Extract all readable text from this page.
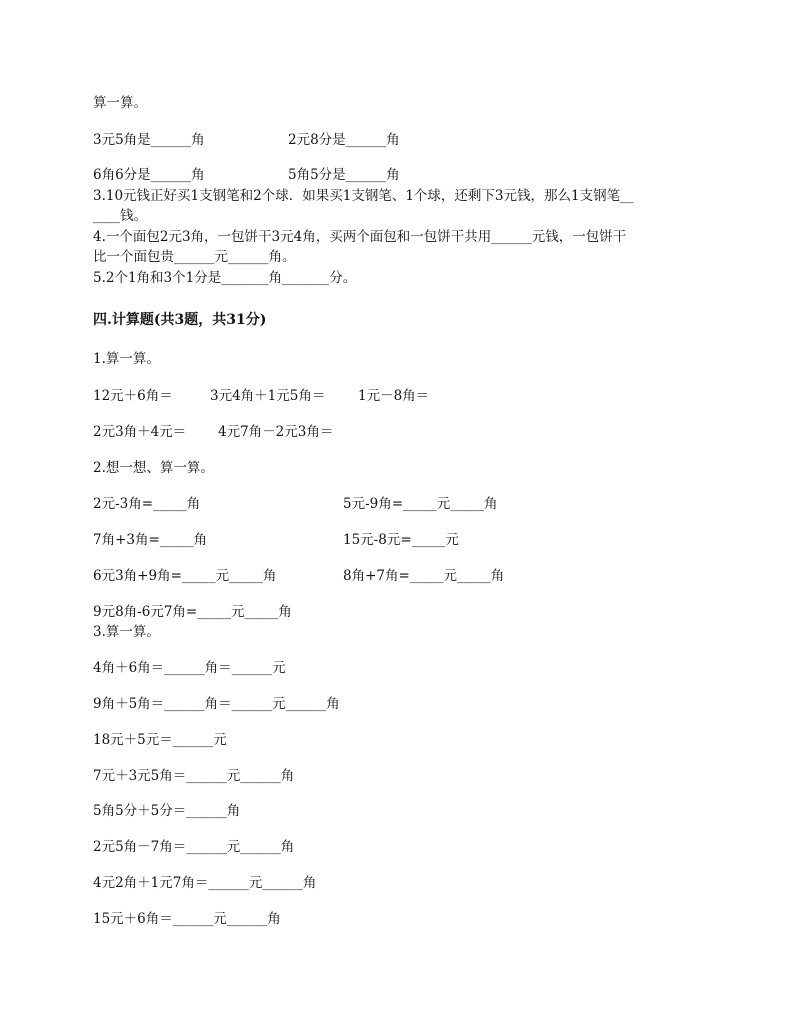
算一算。
3元5角是______角	2元8分是______角
6角6分是______角	5角5分是______角
3.10元钱正好买1支钢笔和2个球．如果买1支钢笔、1个球，还剩下3元钱，那么1支钢笔__
____钱。
4.一个面包2元3角，一包饼干3元4角，买两个面包和一包饼干共用______元钱，一包饼干
比一个面包贵______元______角。
5.2个1角和3个1分是_______角_______分。
四.计算题(共3题，共31分)
1.算一算。
12元＋6角＝	3元4角＋1元5角＝ 1元－8角＝
2元3角＋4元＝ 4元7角－2元3角＝
2.想一想、算一算。
2元-3角=_____角	5元-9角=_____元_____角
7角+3角=_____角	15元-8元=_____元
6元3角+9角=_____元_____角	8角+7角=_____元_____角
9元8角-6元7角=_____元_____角
3.算一算。
4角＋6角＝______角＝______元
9角＋5角＝______角＝______元______角
18元＋5元＝______元
7元＋3元5角＝______元______角
5角5分＋5分＝______角
2元5角－7角＝______元______角
4元2角＋1元7角＝______元______角
15元＋6角＝______元______角
